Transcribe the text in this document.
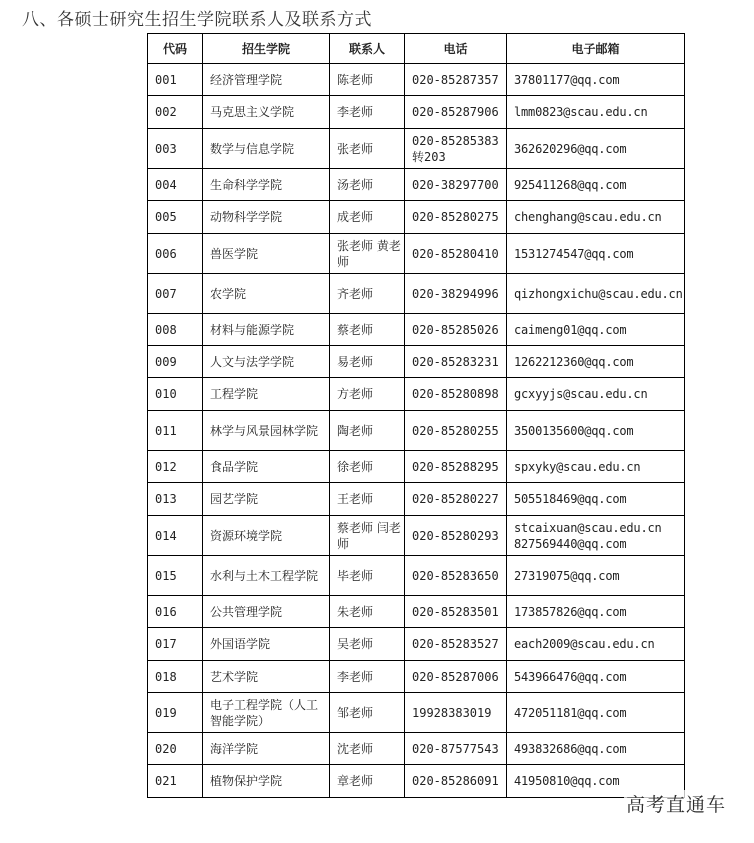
八、各硕士研究生招生学院联系人及联系方式
代码	招生学院	联系人	电话	电子邮箱
001	经济管理学院	陈老师	020-85287357	37801177@qq.com
002	马克思主义学院	李老师	020-85287906	lmm0823@scau.edu.cn
003	数学与信息学院	张老师	020-85285383转203	362620296@qq.com
004	生命科学学院	汤老师	020-38297700	925411268@qq.com
005	动物科学学院	成老师	020-85280275	chenghang@scau.edu.cn
006	兽医学院	张老师 黄老师	020-85280410	1531274547@qq.com
007	农学院	齐老师	020-38294996	qizhongxichu@scau.edu.cn
008	材料与能源学院	蔡老师	020-85285026	caimeng01@qq.com
009	人文与法学学院	易老师	020-85283231	1262212360@qq.com
010	工程学院	方老师	020-85280898	gcxyyjs@scau.edu.cn
011	林学与风景园林学院	陶老师	020-85280255	3500135600@qq.com
012	食品学院	徐老师	020-85288295	spxyky@scau.edu.cn
013	园艺学院	王老师	020-85280227	505518469@qq.com
014	资源环境学院	蔡老师 闫老师	020-85280293	stcaixuan@scau.edu.cn 827569440@qq.com
015	水利与土木工程学院	毕老师	020-85283650	27319075@qq.com
016	公共管理学院	朱老师	020-85283501	173857826@qq.com
017	外国语学院	吴老师	020-85283527	each2009@scau.edu.cn
018	艺术学院	李老师	020-85287006	543966476@qq.com
019	电子工程学院（人工智能学院）	邹老师	19928383019	472051181@qq.com
020	海洋学院	沈老师	020-87577543	493832686@qq.com
021	植物保护学院	章老师	020-85286091	41950810@qq.com
高考直通车
